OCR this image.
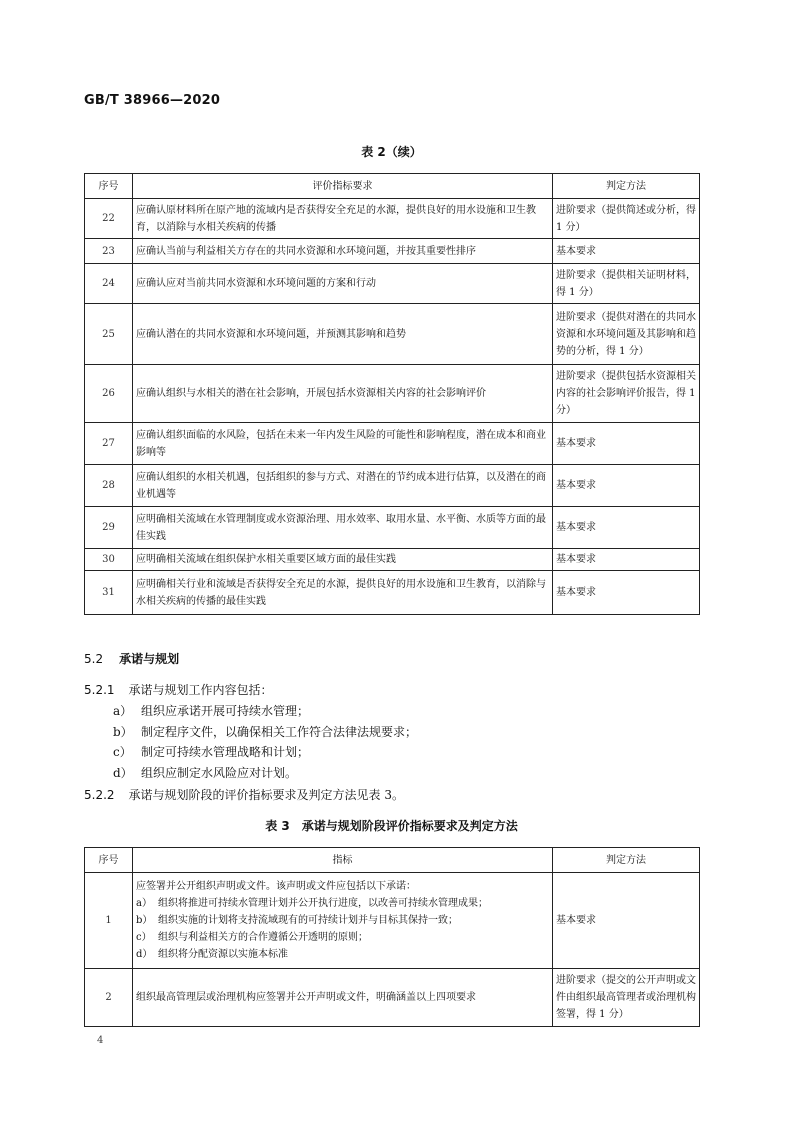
GB/T 38966—2020
表 2（续）
序号	评价指标要求	判定方法
22	应确认原材料所在原产地的流域内是否获得安全充足的水源，提供良好的用水设施和卫生教育，以消除与水相关疾病的传播	进阶要求（提供简述或分析，得 1 分）
23	应确认当前与利益相关方存在的共同水资源和水环境问题，并按其重要性排序	基本要求
24	应确认应对当前共同水资源和水环境问题的方案和行动	进阶要求（提供相关证明材料，得 1 分）
25	应确认潜在的共同水资源和水环境问题，并预测其影响和趋势	进阶要求（提供对潜在的共同水资源和水环境问题及其影响和趋势的分析，得 1 分）
26	应确认组织与水相关的潜在社会影响，开展包括水资源相关内容的社会影响评价	进阶要求（提供包括水资源相关内容的社会影响评价报告，得 1 分）
27	应确认组织面临的水风险，包括在未来一年内发生风险的可能性和影响程度，潜在成本和商业影响等	基本要求
28	应确认组织的水相关机遇，包括组织的参与方式、对潜在的节约成本进行估算，以及潜在的商业机遇等	基本要求
29	应明确相关流域在水管理制度或水资源治理、用水效率、取用水量、水平衡、水质等方面的最佳实践	基本要求
30	应明确相关流域在组织保护水相关重要区域方面的最佳实践	基本要求
31	应明确相关行业和流域是否获得安全充足的水源，提供良好的用水设施和卫生教育，以消除与水相关疾病的传播的最佳实践	基本要求
5.2 承诺与规划
5.2.1 承诺与规划工作内容包括：
a） 组织应承诺开展可持续水管理；
b） 制定程序文件，以确保相关工作符合法律法规要求；
c） 制定可持续水管理战略和计划；
d） 组织应制定水风险应对计划。
5.2.2 承诺与规划阶段的评价指标要求及判定方法见表 3。
表 3　承诺与规划阶段评价指标要求及判定方法
序号	指标	判定方法
1	应签署并公开组织声明或文件。该声明或文件应包括以下承诺：
a） 组织将推进可持续水管理计划并公开执行进度，以改善可持续水管理成果；
b） 组织实施的计划将支持流域现有的可持续计划并与目标其保持一致；
c） 组织与利益相关方的合作遵循公开透明的原则；
d） 组织将分配资源以实施本标准	基本要求
2	组织最高管理层或治理机构应签署并公开声明或文件，明确涵盖以上四项要求	进阶要求（提交的公开声明或文件由组织最高管理者或治理机构签署，得 1 分）
4
